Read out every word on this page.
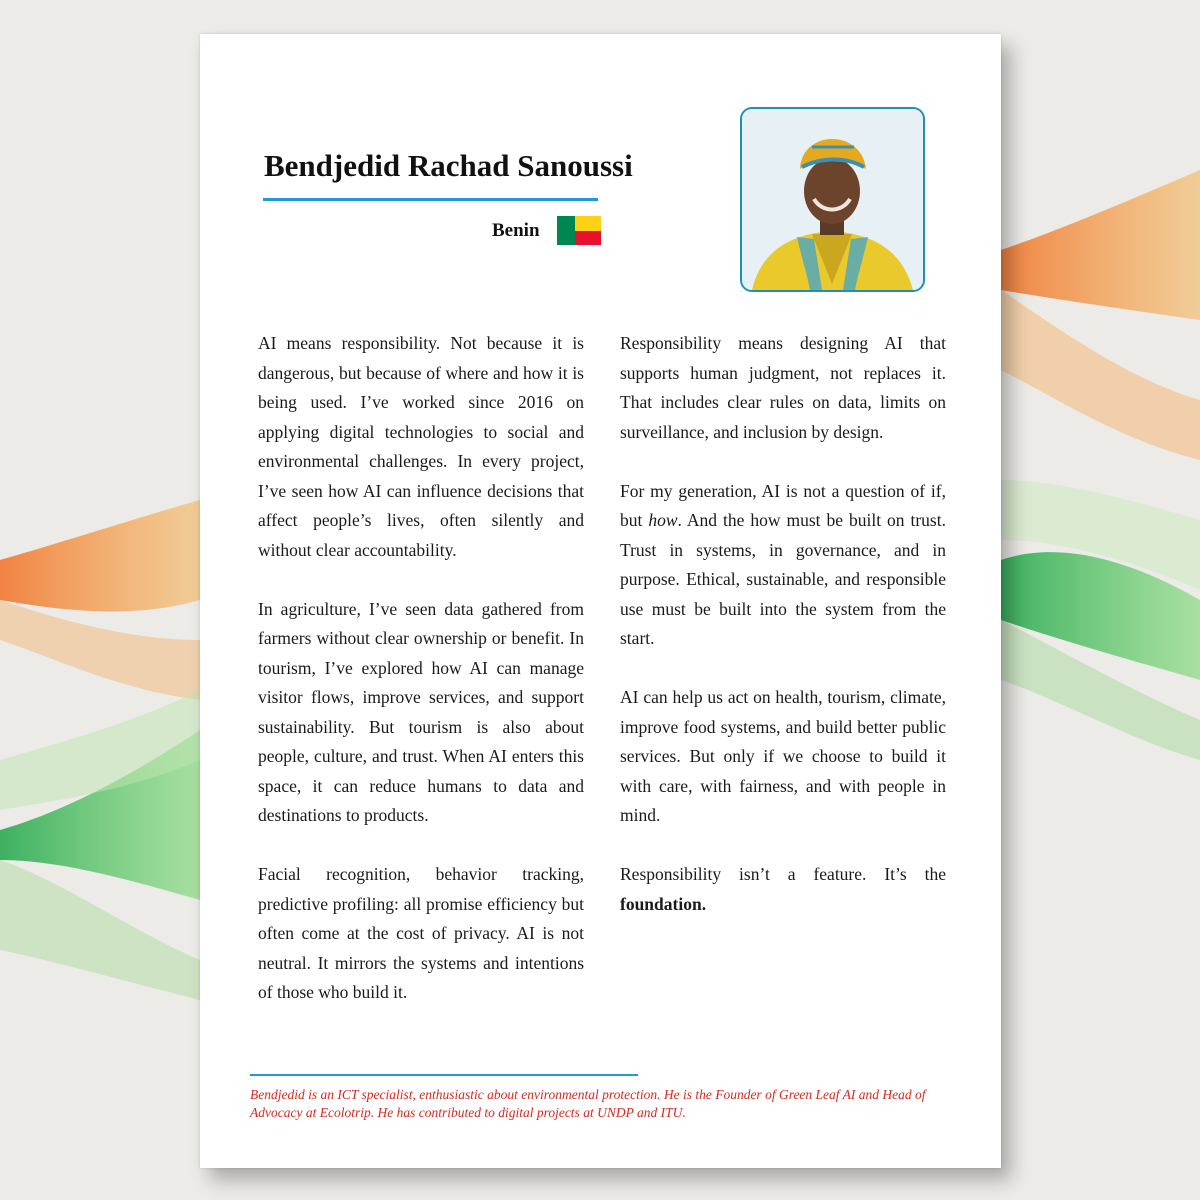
Bendjedid Rachad Sanoussi
Benin

AI means responsibility. Not because it is dangerous, but because of where and how it is being used. I’ve worked since 2016 on applying digital technologies to social and environmental challenges. In every project, I’ve seen how AI can influence decisions that affect people’s lives, often silently and without clear accountability.

In agriculture, I’ve seen data gathered from farmers without clear ownership or benefit. In tourism, I’ve explored how AI can manage visitor flows, improve services, and support sustainability. But tourism is also about people, culture, and trust. When AI enters this space, it can reduce humans to data and destinations to products.

Facial recognition, behavior tracking, predictive profiling: all promise efficiency but often come at the cost of privacy. AI is not neutral. It mirrors the systems and intentions of those who build it.

Responsibility means designing AI that supports human judgment, not replaces it. That includes clear rules on data, limits on surveillance, and inclusion by design.

For my generation, AI is not a question of if, but how. And the how must be built on trust. Trust in systems, in governance, and in purpose. Ethical, sustainable, and responsible use must be built into the system from the start.

AI can help us act on health, tourism, climate, improve food systems, and build better public services. But only if we choose to build it with care, with fairness, and with people in mind.

Responsibility isn’t a feature. It’s the foundation.

Bendjedid is an ICT specialist, enthusiastic about environmental protection. He is the Founder of Green Leaf AI and Head of Advocacy at Ecolotrip. He has contributed to digital projects at UNDP and ITU.
